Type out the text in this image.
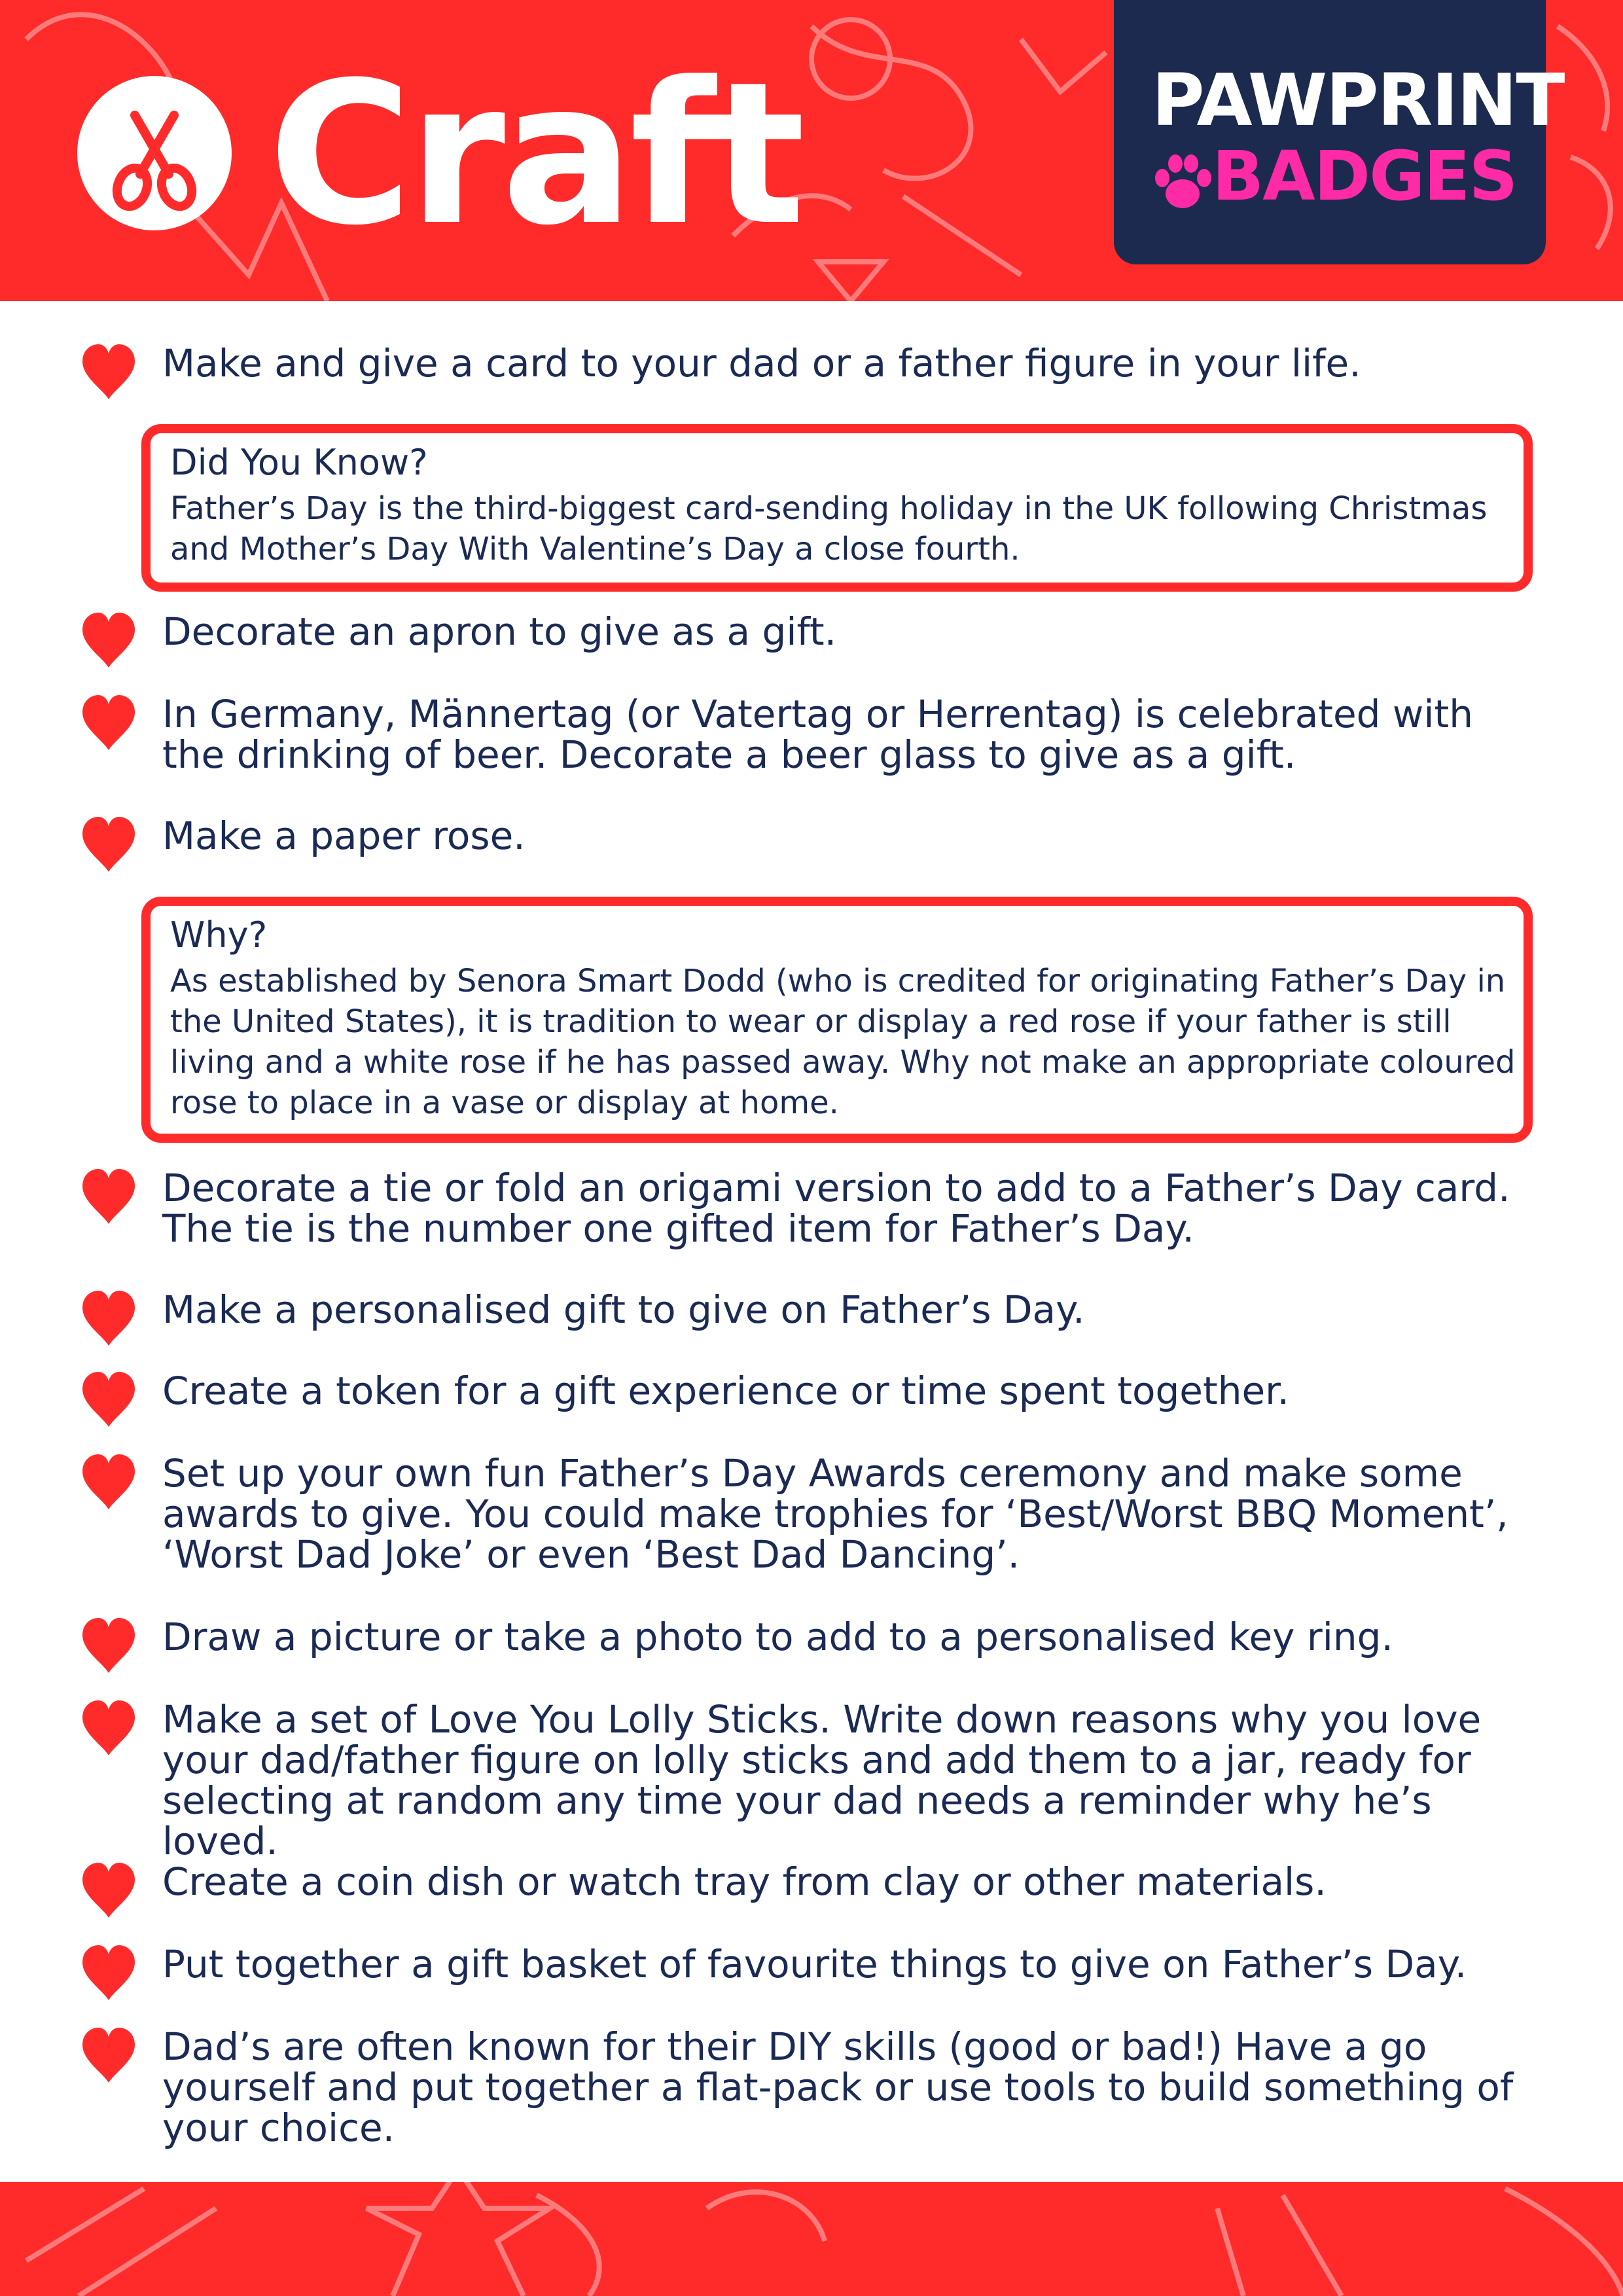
Craft	PAWPRINT
BADGES
Make and give a card to your dad or a father figure in your life.
Did You Know?
Father’s Day is the third-biggest card-sending holiday in the UK following Christmas and Mother’s Day With Valentine’s Day a close fourth.
Decorate an apron to give as a gift.
In Germany, Männertag (or Vatertag or Herrentag) is celebrated with the drinking of beer. Decorate a beer glass to give as a gift.
Make a paper rose.
Why?
As established by Senora Smart Dodd (who is credited for originating Father’s Day in the United States), it is tradition to wear or display a red rose if your father is still living and a white rose if he has passed away. Why not make an appropriate coloured rose to place in a vase or display at home.
Decorate a tie or fold an origami version to add to a Father’s Day card. The tie is the number one gifted item for Father’s Day.
Make a personalised gift to give on Father’s Day.
Create a token for a gift experience or time spent together.
Set up your own fun Father’s Day Awards ceremony and make some awards to give. You could make trophies for ‘Best/Worst BBQ Moment’, ‘Worst Dad Joke’ or even ‘Best Dad Dancing’.
Draw a picture or take a photo to add to a personalised key ring.
Make a set of Love You Lolly Sticks. Write down reasons why you love your dad/father figure on lolly sticks and add them to a jar, ready for selecting at random any time your dad needs a reminder why he’s loved.
Create a coin dish or watch tray from clay or other materials.
Put together a gift basket of favourite things to give on Father’s Day.
Dad’s are often known for their DIY skills (good or bad!) Have a go yourself and put together a flat-pack or use tools to build something of your choice.
